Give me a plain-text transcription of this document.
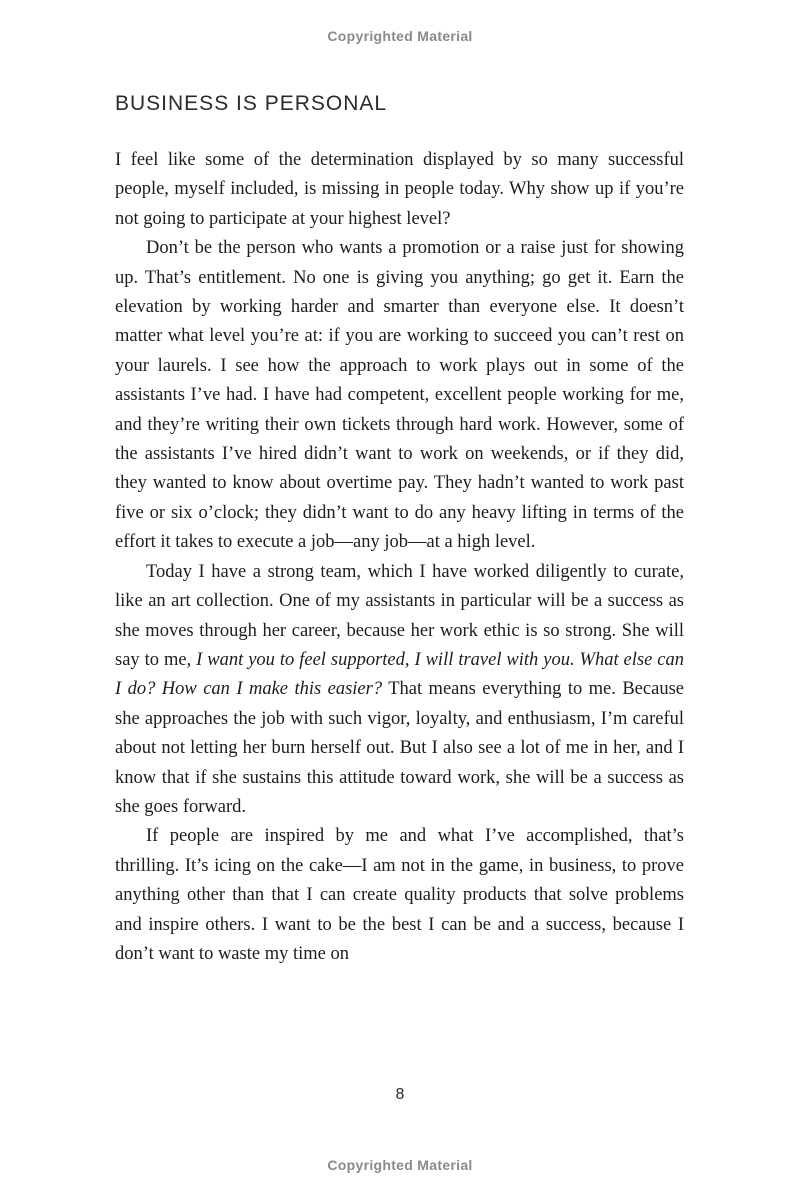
Copyrighted Material
BUSINESS IS PERSONAL

I feel like some of the determination displayed by so many successful people, myself included, is missing in people today. Why show up if you’re not going to participate at your highest level?

Don’t be the person who wants a promotion or a raise just for showing up. That’s entitlement. No one is giving you anything; go get it. Earn the elevation by working harder and smarter than everyone else. It doesn’t matter what level you’re at: if you are working to succeed you can’t rest on your laurels. I see how the approach to work plays out in some of the assistants I’ve had. I have had competent, excellent people working for me, and they’re writing their own tickets through hard work. However, some of the assistants I’ve hired didn’t want to work on weekends, or if they did, they wanted to know about overtime pay. They hadn’t wanted to work past five or six o’clock; they didn’t want to do any heavy lifting in terms of the effort it takes to execute a job—any job—at a high level.

Today I have a strong team, which I have worked diligently to curate, like an art collection. One of my assistants in particular will be a success as she moves through her career, because her work ethic is so strong. She will say to me, I want you to feel supported, I will travel with you. What else can I do? How can I make this easier? That means everything to me. Because she approaches the job with such vigor, loyalty, and enthusiasm, I’m careful about not letting her burn herself out. But I also see a lot of me in her, and I know that if she sustains this attitude toward work, she will be a success as she goes forward.

If people are inspired by me and what I’ve accomplished, that’s thrilling. It’s icing on the cake—I am not in the game, in business, to prove anything other than that I can create quality products that solve problems and inspire others. I want to be the best I can be and a success, because I don’t want to waste my time on

8
Copyrighted Material
